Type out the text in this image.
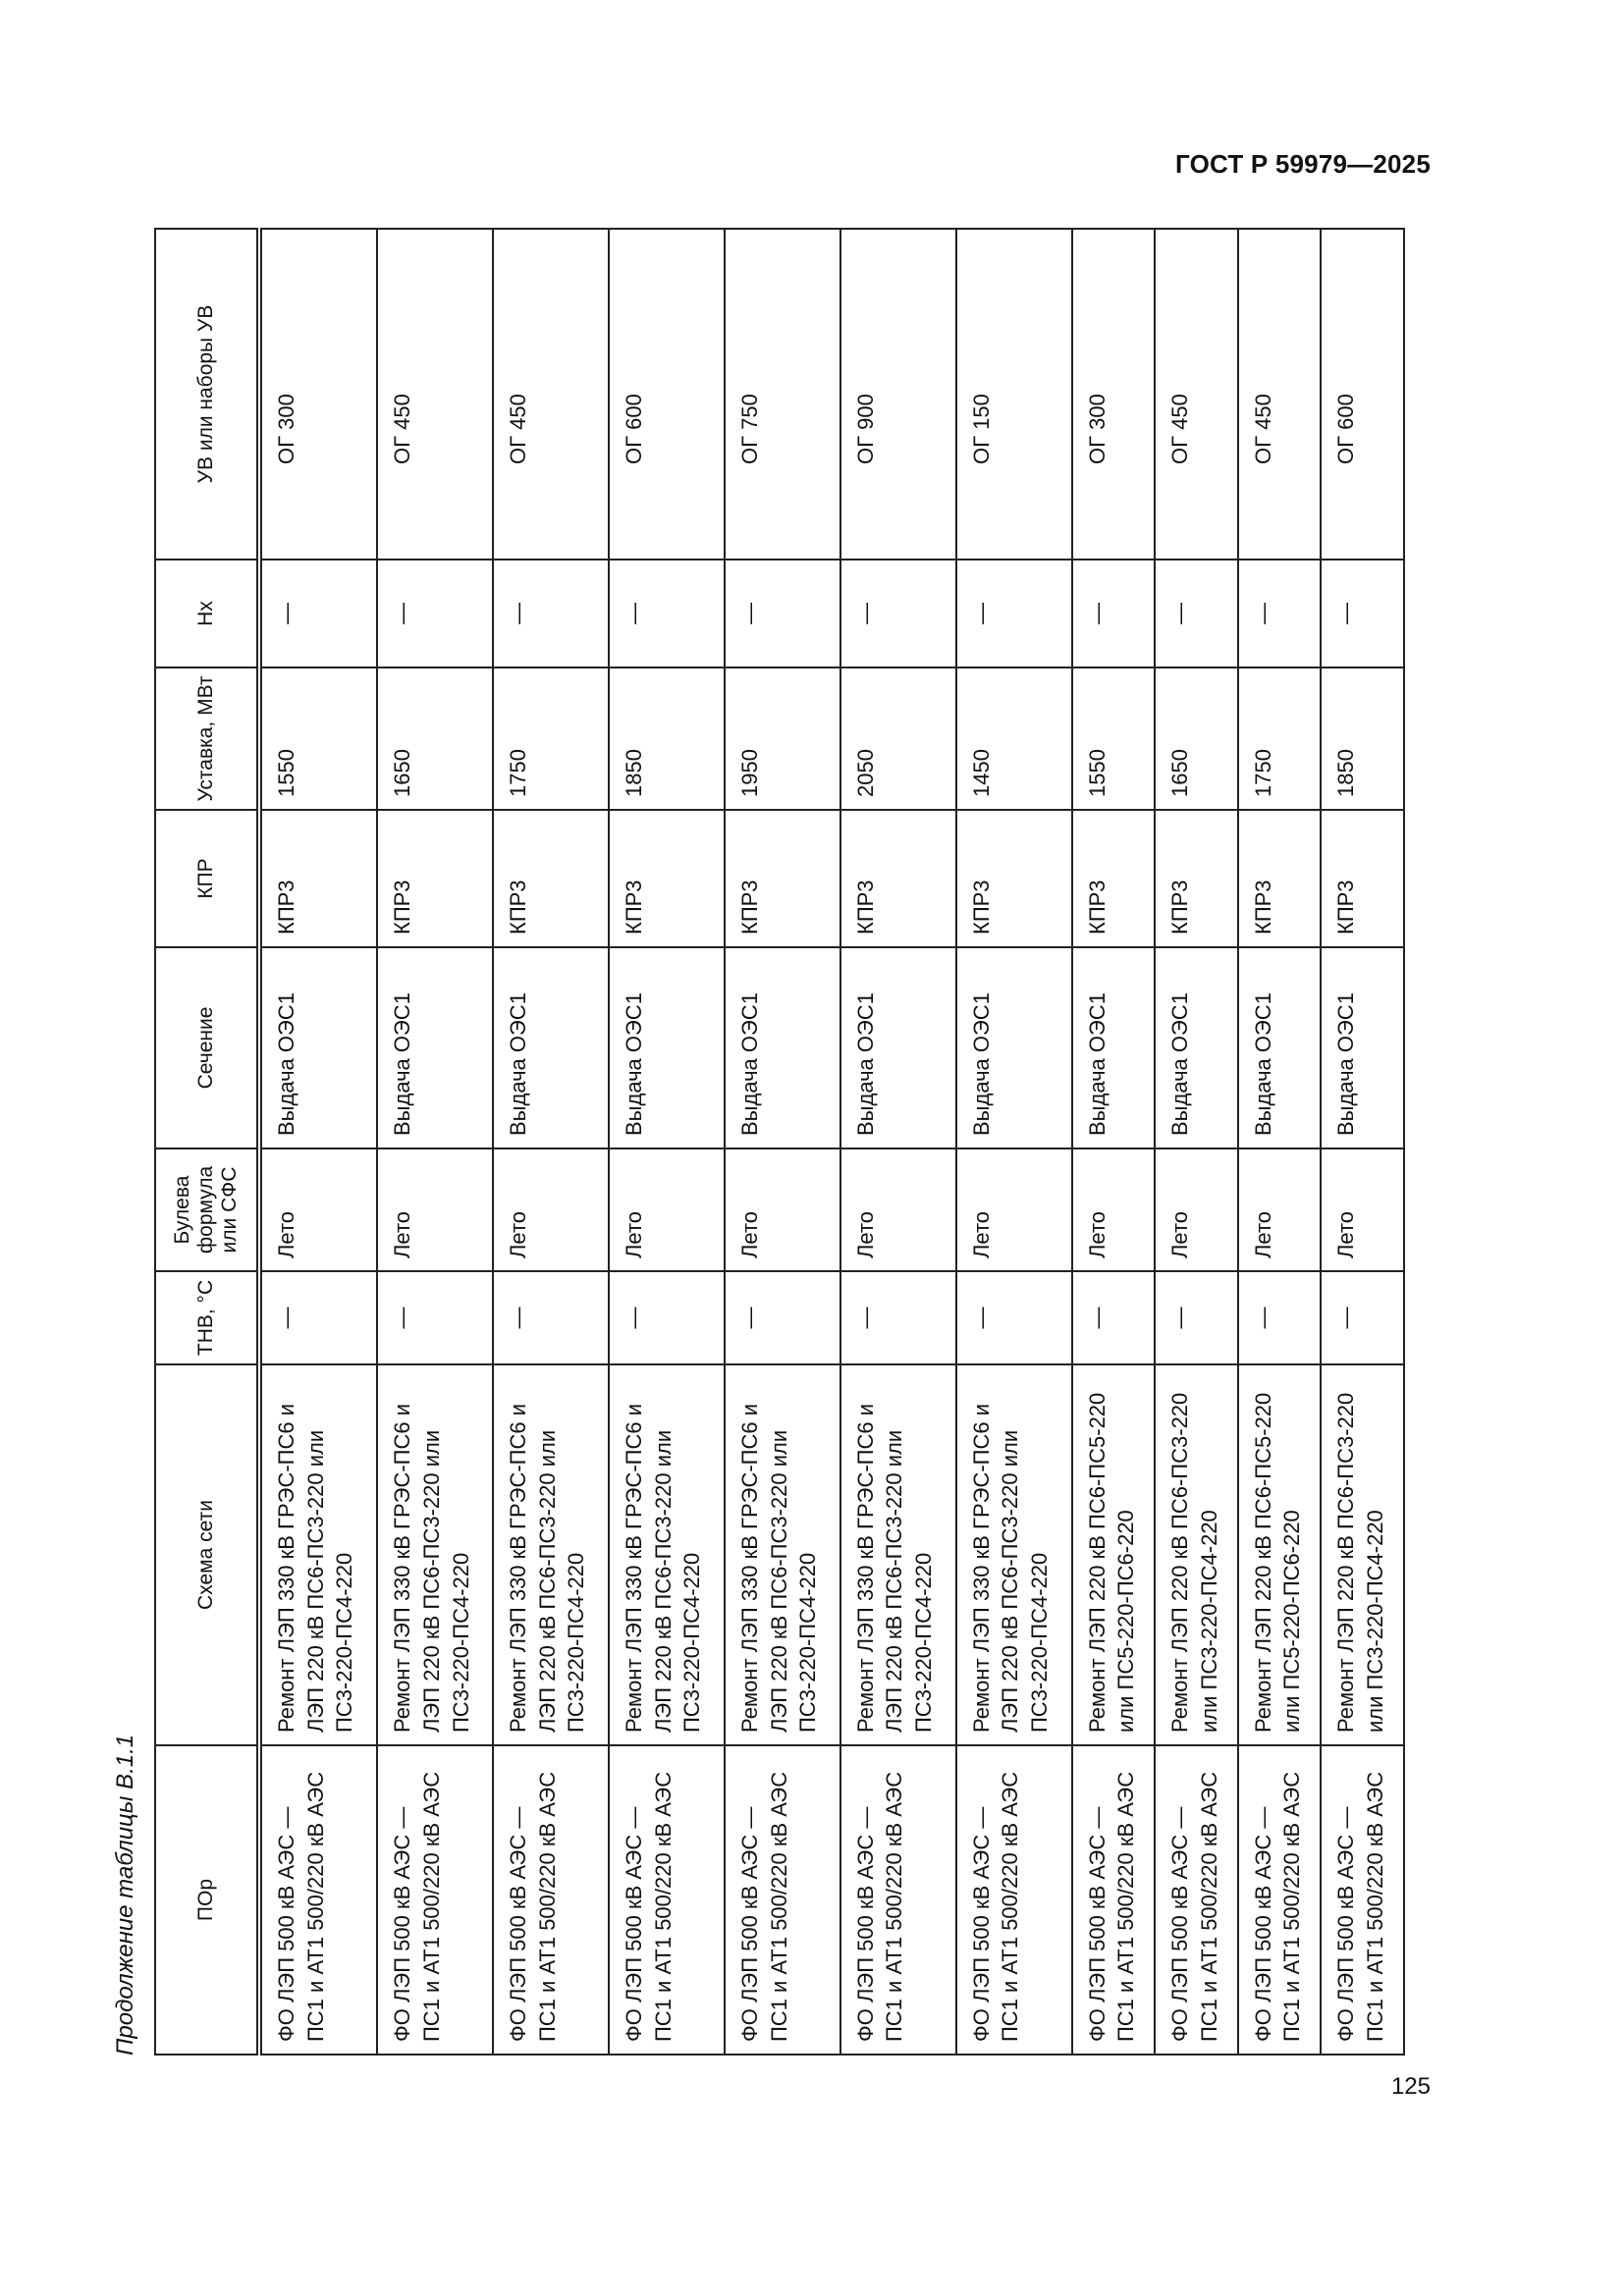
ГОСТ Р 59979—2025
Продолжение таблицы В.1.1	ПОр	Схема сети	ТНВ, °С	Булева формула или СФС	Сечение	КПР	Уставка, МВт	Нх	УВ или наборы УВ
ФО ЛЭП 500 кВ АЭС — ПС1 и АТ1 500/220 кВ АЭС	Ремонт ЛЭП 330 кВ ГРЭС-ПС6 и ЛЭП 220 кВ ПС6-ПС3-220 или ПС3-220-ПС4-220	—	Лето	Выдача ОЭС1	КПР3	1550	—	ОГ 300
ФО ЛЭП 500 кВ АЭС — ПС1 и АТ1 500/220 кВ АЭС	Ремонт ЛЭП 330 кВ ГРЭС-ПС6 и ЛЭП 220 кВ ПС6-ПС3-220 или ПС3-220-ПС4-220	—	Лето	Выдача ОЭС1	КПР3	1650	—	ОГ 450
ФО ЛЭП 500 кВ АЭС — ПС1 и АТ1 500/220 кВ АЭС	Ремонт ЛЭП 330 кВ ГРЭС-ПС6 и ЛЭП 220 кВ ПС6-ПС3-220 или ПС3-220-ПС4-220	—	Лето	Выдача ОЭС1	КПР3	1750	—	ОГ 450
ФО ЛЭП 500 кВ АЭС — ПС1 и АТ1 500/220 кВ АЭС	Ремонт ЛЭП 330 кВ ГРЭС-ПС6 и ЛЭП 220 кВ ПС6-ПС3-220 или ПС3-220-ПС4-220	—	Лето	Выдача ОЭС1	КПР3	1850	—	ОГ 600
ФО ЛЭП 500 кВ АЭС — ПС1 и АТ1 500/220 кВ АЭС	Ремонт ЛЭП 330 кВ ГРЭС-ПС6 и ЛЭП 220 кВ ПС6-ПС3-220 или ПС3-220-ПС4-220	—	Лето	Выдача ОЭС1	КПР3	1950	—	ОГ 750
ФО ЛЭП 500 кВ АЭС — ПС1 и АТ1 500/220 кВ АЭС	Ремонт ЛЭП 330 кВ ГРЭС-ПС6 и ЛЭП 220 кВ ПС6-ПС3-220 или ПС3-220-ПС4-220	—	Лето	Выдача ОЭС1	КПР3	2050	—	ОГ 900
ФО ЛЭП 500 кВ АЭС — ПС1 и АТ1 500/220 кВ АЭС	Ремонт ЛЭП 330 кВ ГРЭС-ПС6 и ЛЭП 220 кВ ПС6-ПС3-220 или ПС3-220-ПС4-220	—	Лето	Выдача ОЭС1	КПР3	1450	—	ОГ 150
ФО ЛЭП 500 кВ АЭС — ПС1 и АТ1 500/220 кВ АЭС	Ремонт ЛЭП 220 кВ ПС6-ПС5-220 или ПС5-220-ПС6-220	—	Лето	Выдача ОЭС1	КПР3	1550	—	ОГ 300
ФО ЛЭП 500 кВ АЭС — ПС1 и АТ1 500/220 кВ АЭС	Ремонт ЛЭП 220 кВ ПС6-ПС3-220 или ПС3-220-ПС4-220	—	Лето	Выдача ОЭС1	КПР3	1650	—	ОГ 450
ФО ЛЭП 500 кВ АЭС — ПС1 и АТ1 500/220 кВ АЭС	Ремонт ЛЭП 220 кВ ПС6-ПС5-220 или ПС5-220-ПС6-220	—	Лето	Выдача ОЭС1	КПР3	1750	—	ОГ 450
ФО ЛЭП 500 кВ АЭС — ПС1 и АТ1 500/220 кВ АЭС	Ремонт ЛЭП 220 кВ ПС6-ПС3-220 или ПС3-220-ПС4-220	—	Лето	Выдача ОЭС1	КПР3	1850	—	ОГ 600
125
